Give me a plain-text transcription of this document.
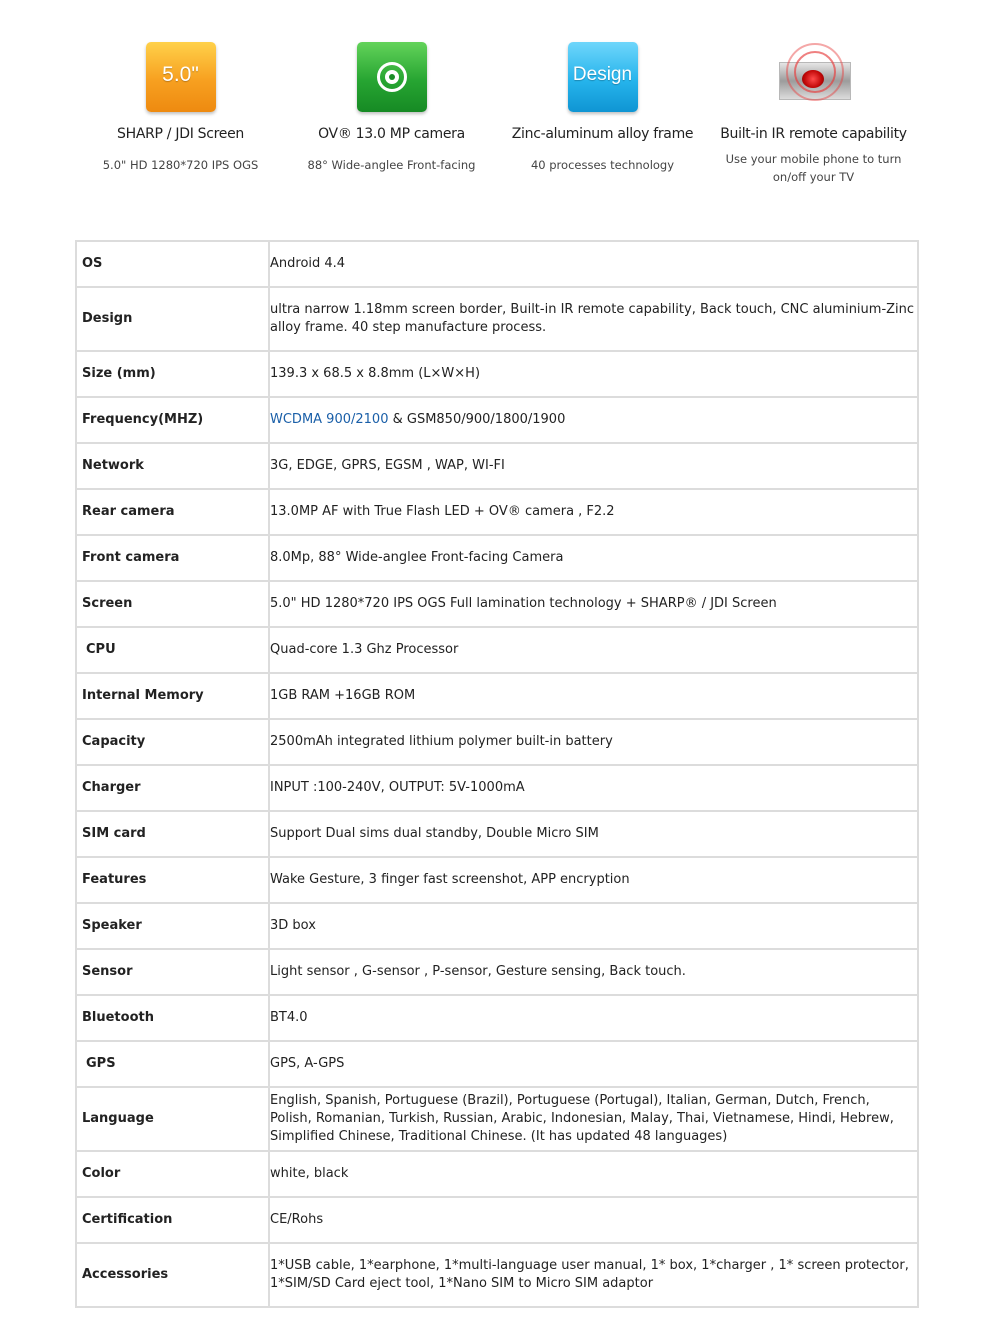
5.0"
SHARP / JDI Screen
5.0" HD 1280*720 IPS OGS
OV® 13.0 MP camera
88° Wide-anglee Front-facing
Design
Zinc-aluminum alloy frame
40 processes technology
Built-in IR remote capability
Use your mobile phone to turn on/off your TV
OS	Android 4.4
Design	ultra narrow 1.18mm screen border, Built-in IR remote capability, Back touch, CNC aluminium-Zinc alloy frame. 40 step manufacture process.
Size (mm)	139.3 x 68.5 x 8.8mm (L×W×H)
Frequency(MHZ)	WCDMA 900/2100 & GSM850/900/1800/1900
Network	3G, EDGE, GPRS, EGSM , WAP, WI-FI
Rear camera	13.0MP AF with True Flash LED + OV® camera , F2.2
Front camera	8.0Mp, 88° Wide-anglee Front-facing Camera
Screen	5.0" HD 1280*720 IPS OGS Full lamination technology + SHARP® / JDI Screen
CPU	Quad-core 1.3 Ghz Processor
Internal Memory	1GB RAM +16GB ROM
Capacity	2500mAh integrated lithium polymer built-in battery
Charger	INPUT :100-240V, OUTPUT: 5V-1000mA
SIM card	Support Dual sims dual standby, Double Micro SIM
Features	Wake Gesture, 3 finger fast screenshot, APP encryption
Speaker	3D box
Sensor	Light sensor , G-sensor , P-sensor, Gesture sensing, Back touch.
Bluetooth	BT4.0
GPS	GPS, A-GPS
Language	English, Spanish, Portuguese (Brazil), Portuguese (Portugal), Italian, German, Dutch, French, Polish, Romanian, Turkish, Russian, Arabic, Indonesian, Malay, Thai, Vietnamese, Hindi, Hebrew, Simplified Chinese, Traditional Chinese. (It has updated 48 languages)
Color	white, black
Certification	CE/Rohs
Accessories	1*USB cable, 1*earphone, 1*multi-language user manual, 1* box, 1*charger , 1* screen protector, 1*SIM/SD Card eject tool, 1*Nano SIM to Micro SIM adaptor
